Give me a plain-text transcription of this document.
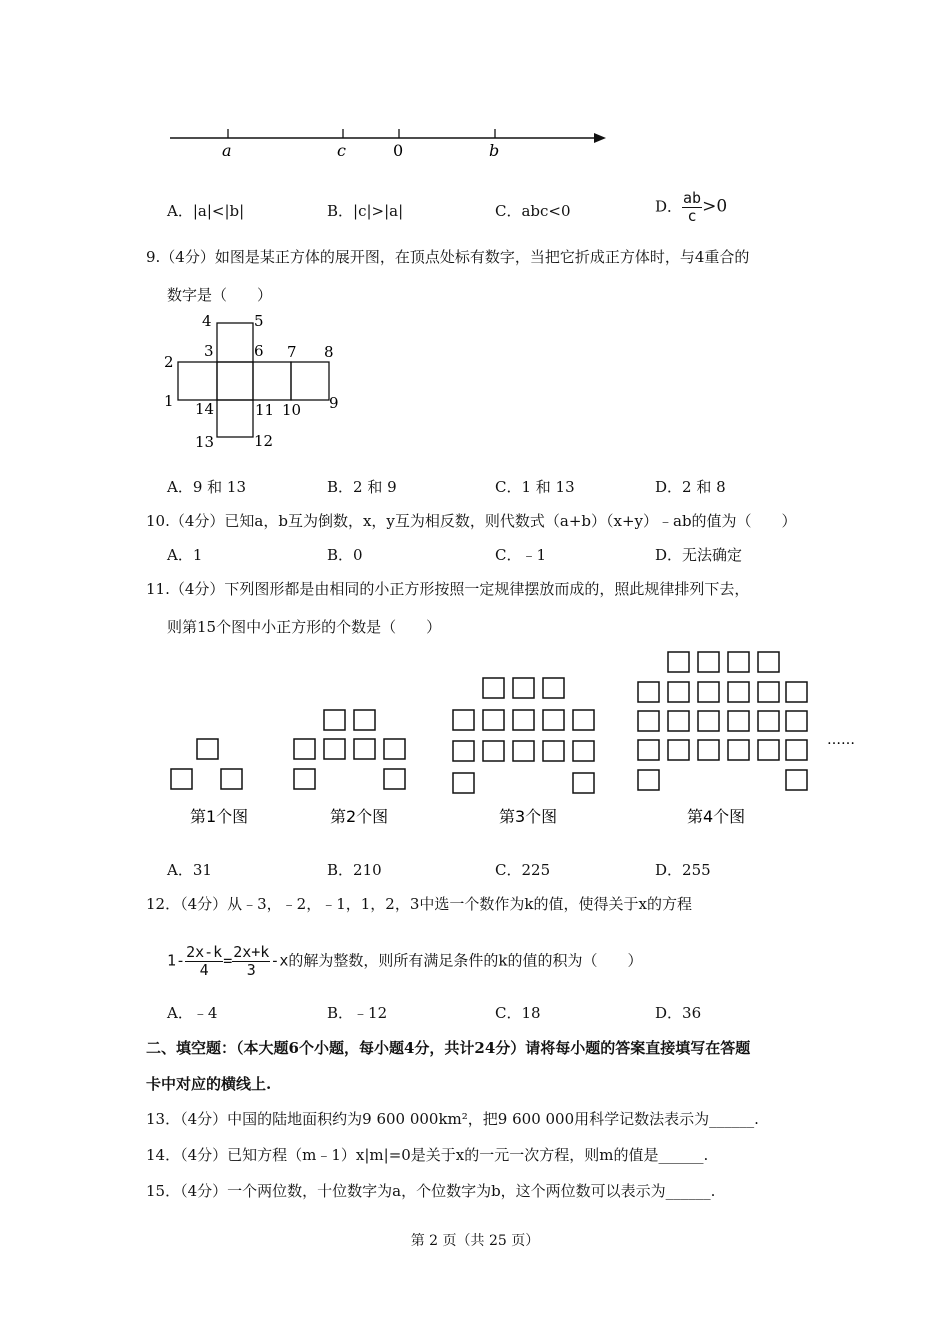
a	c	0	b
A．|a|<|b|	B．|c|>|a|	C．abc<0	D． $\frac{ab}{c} >0$
9.（4分）如图是某正方体的展开图，在顶点处标有数字，当把它折成正方体时，与4重合的
数字是（　　）
4	5
3	6 7 8
2
1 14	11 10 9
13	12
A．9 和 13	B．2 和 9	C．1 和 13	D．2 和 8
10.（4分）已知a，b互为倒数，x，y互为相反数，则代数式（a+b）（x+y）﹣ab的值为（　　）
A．1	B．0	C．﹣1	D．无法确定
11.（4分）下列图形都是由相同的小正方形按照一定规律摆放而成的，照此规律排列下去，
则第15个图中小正方形的个数是（　　）
……
第1个图	第2个图	第3个图	第4个图
A．31	B．210	C．225	D．255
12．（4分）从﹣3，﹣2，﹣1，1，2，3中选一个数作为k的值，使得关于x的方程
$1- \frac{2x-k}{4} = \frac{2x+k}{3} -x$的解为整数，则所有满足条件的k的值的积为（　　）
A．﹣4	B．﹣12	C．18	D．36
二、填空题：（本大题6个小题，每小题4分，共计24分）请将每小题的答案直接填写在答题
卡中对应的横线上.
13．（4分）中国的陆地面积约为9 600 000km²，把9 600 000用科学记数法表示为______.
14．（4分）已知方程（m﹣1）x|m|=0是关于x的一元一次方程，则m的值是______.
15．（4分）一个两位数，十位数字为a，个位数字为b，这个两位数可以表示为______.
第 2 页（共 25 页）
